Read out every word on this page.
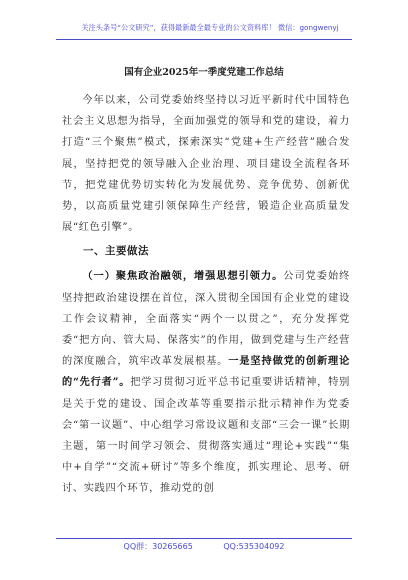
关注头条号“公文研究”，获得最新最全最专业的公文资料库！ 微信：gongwenyj
国有企业2025年一季度党建工作总结

今年以来，公司党委始终坚持以习近平新时代中国特色社会主义思想为指导，全面加强党的领导和党的建设，着力打造“三个聚焦”模式，探索深实“党建+生产经营”融合发展，坚持把党的领导融入企业治理、项目建设全流程各环节，把党建优势切实转化为发展优势、竞争优势、创新优势，以高质量党建引领保障生产经营，锻造企业高质量发展“红色引擎”。

一、主要做法

（一）聚焦政治融领，增强思想引领力。公司党委始终坚持把政治建设摆在首位，深入贯彻全国国有企业党的建设工作会议精神，全面落实“两个一以贯之”，充分发挥党委“把方向、管大局、保落实”的作用，做到党建与生产经营的深度融合，筑牢改革发展根基。一是坚持做党的创新理论的“先行者”。把学习贯彻习近平总书记重要讲话精神，特别是关于党的建设、国企改革等重要指示批示精神作为党委会“第一议题”、中心组学习常设议题和支部“三会一课”长期主题，第一时间学习领会、贯彻落实通过“理论+实践”“集中+自学”“交流+研讨”等多个维度，抓实理论、思考、研讨、实践四个环节，推动党的创

QQ群：30265665	QQ:535304092
